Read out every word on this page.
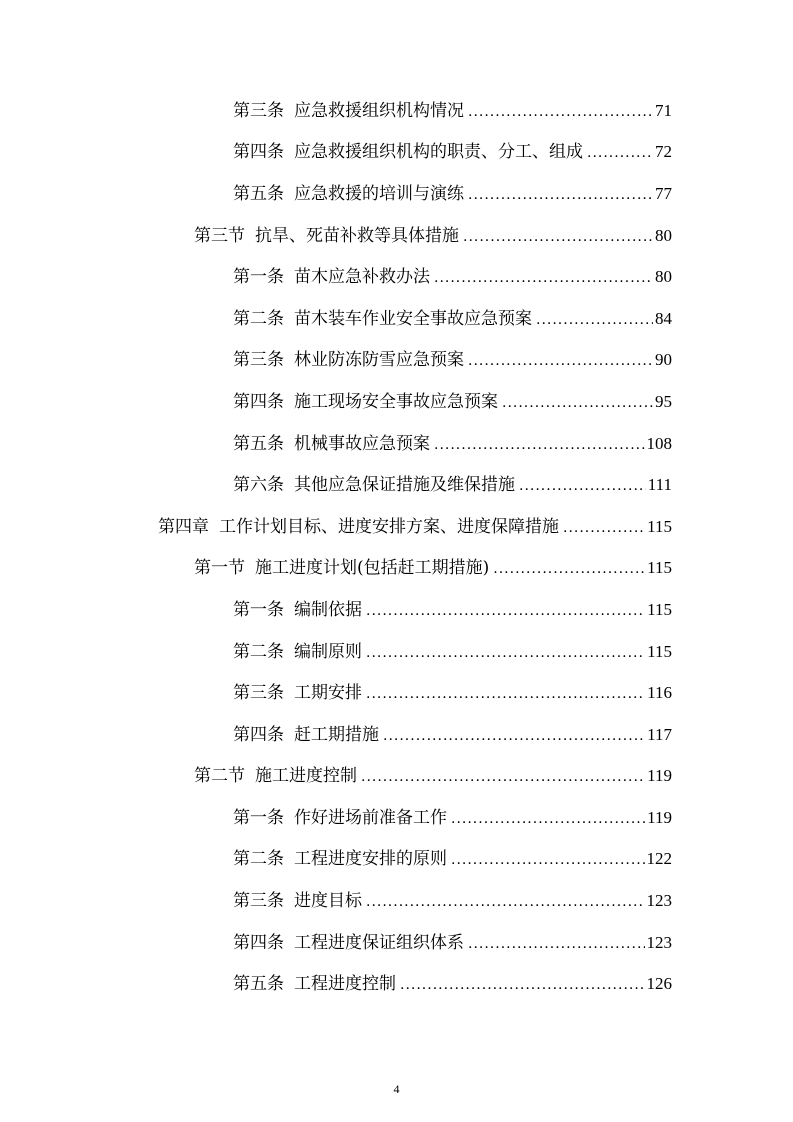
第三条 应急救援组织机构情况 .....	71
第四条 应急救援组织机构的职责、分工、组成 .....	72
第五条 应急救援的培训与演练 .....	77
第三节 抗旱、死苗补救等具体措施 .....	80
第一条 苗木应急补救办法 .....	80
第二条 苗木装车作业安全事故应急预案 .....	84
第三条 林业防冻防雪应急预案 .....	90
第四条 施工现场安全事故应急预案 .....	95
第五条 机械事故应急预案 .....	108
第六条 其他应急保证措施及维保措施 .....	111
第四章 工作计划目标、进度安排方案、进度保障措施 .....	115
第一节 施工进度计划(包括赶工期措施) .....	115
第一条 编制依据 .....	115
第二条 编制原则 .....	115
第三条 工期安排 .....	116
第四条 赶工期措施 .....	117
第二节 施工进度控制 .....	119
第一条 作好进场前准备工作 .....	119
第二条 工程进度安排的原则 .....	122
第三条 进度目标 .....	123
第四条 工程进度保证组织体系 .....	123
第五条 工程进度控制 .....	126
4
